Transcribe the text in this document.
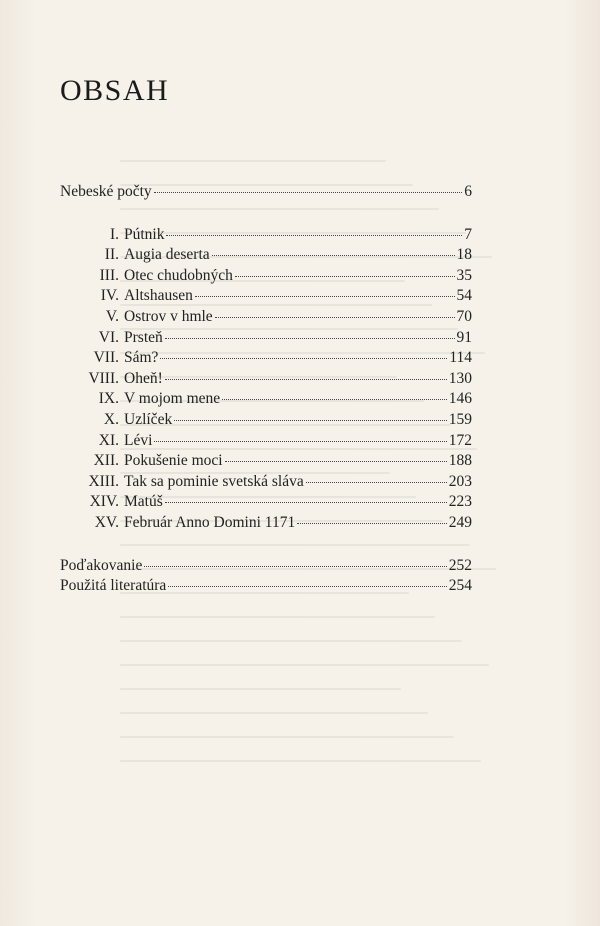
OBSAH
Nebeské počty	6
I. Pútnik	7
II. Augia deserta	18
III. Otec chudobných	35
IV. Altshausen	54
V. Ostrov v hmle	70
VI. Prsteň	91
VII. Sám?	114
VIII. Oheň!	130
IX. V mojom mene	146
X. Uzlíček	159
XI. Lévi	172
XII. Pokušenie moci	188
XIII. Tak sa pominie svetská sláva	203
XIV. Matúš	223
XV. Február Anno Domini 1171	249
Poďakovanie	252
Použitá literatúra	254
